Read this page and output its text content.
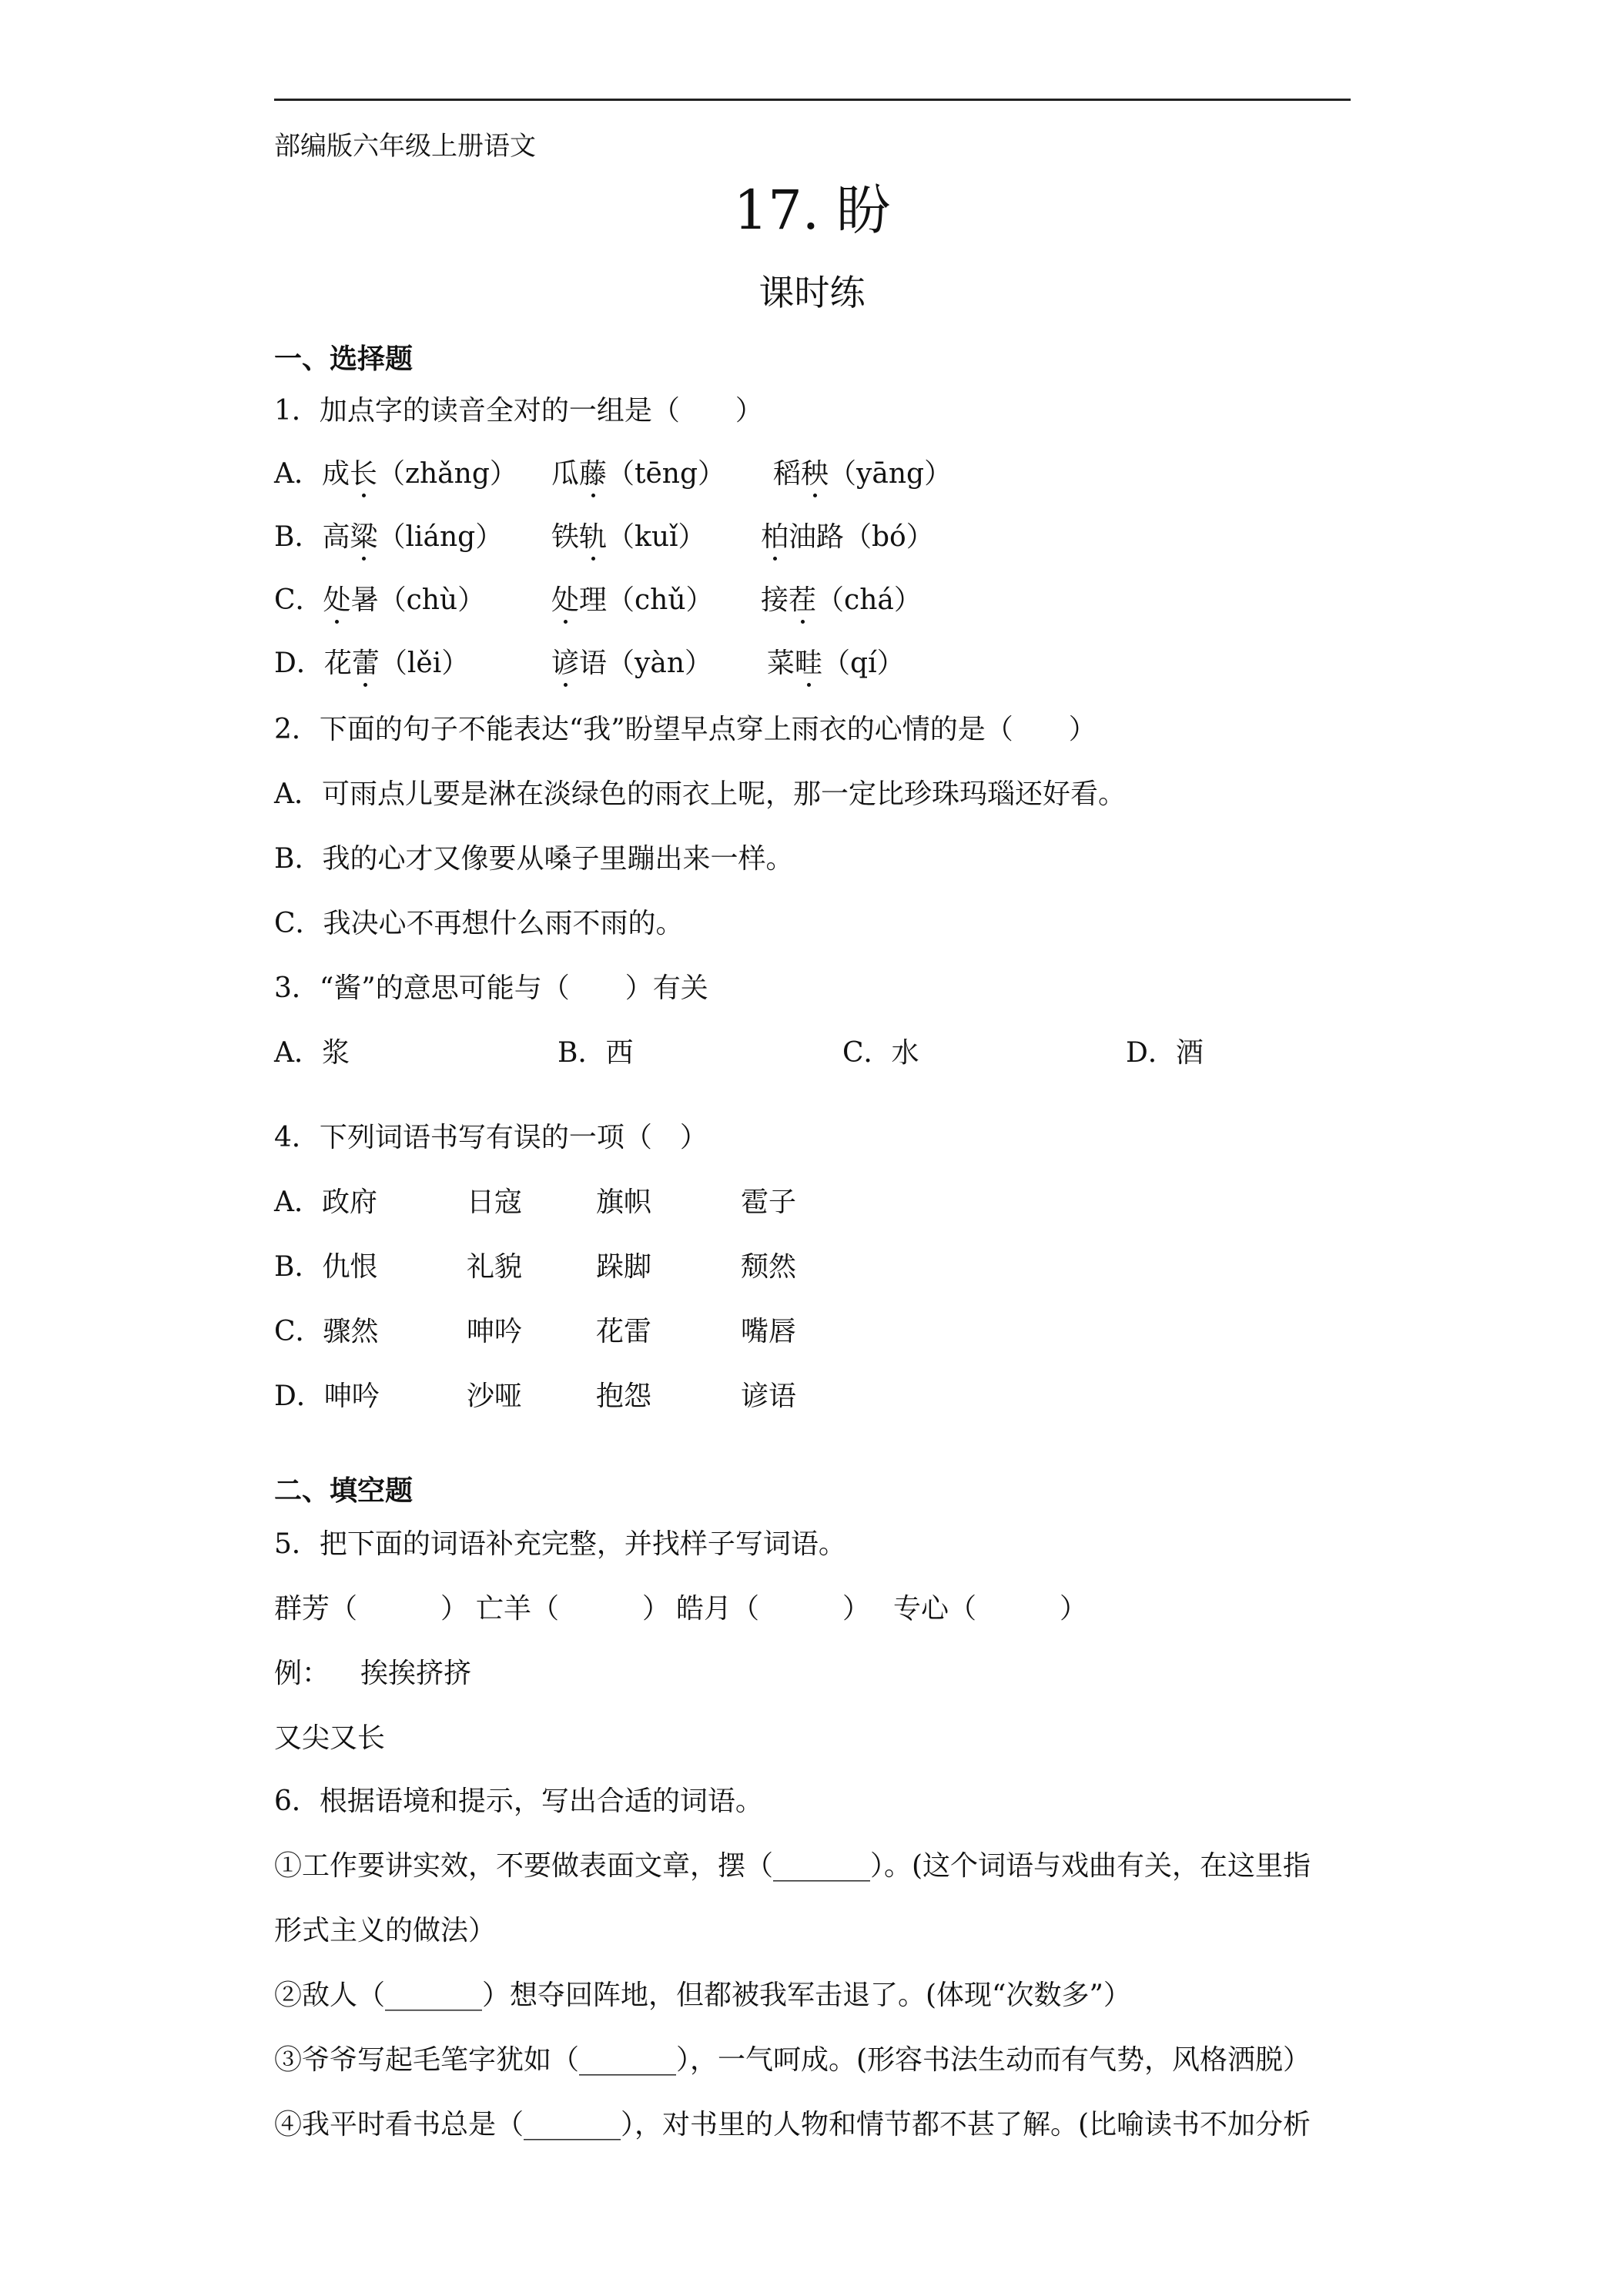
部编版六年级上册语文
17. 盼
课时练
一、选择题
1．加点字的读音全对的一组是（　　）
A．成长（zhǎng） 瓜藤（tēng） 稻秧（yāng）
B．高粱（liáng） 铁轨（kuǐ） 柏油路（bó）
C．处暑（chù） 处理（chǔ） 接茬（chá）
D．花蕾（lěi）	谚语（yàn） 菜畦（qí）
2．下面的句子不能表达“我”盼望早点穿上雨衣的心情的是（　　）
A．可雨点儿要是淋在淡绿色的雨衣上呢，那一定比珍珠玛瑙还好看。
B．我的心才又像要从嗓子里蹦出来一样。
C．我决心不再想什么雨不雨的。
3．“酱”的意思可能与（　　）有关
A．浆	B．西	C．水	D．酒
4．下列词语书写有误的一项（　）
A．政府	日寇	旗帜	雹子
B．仇恨	礼貌	跺脚	颓然
C．骤然	呻吟	花雷	嘴唇
D．呻吟	沙哑	抱怨	谚语
二、填空题
5．把下面的词语补充完整，并找样子写词语。
群芳（　　　） 亡羊（　　　） 皓月（　　　） 专心（　　　）
例： 挨挨挤挤
又尖又长
6．根据语境和提示，写出合适的词语。
①工作要讲实效，不要做表面文章，摆（_______）。(这个词语与戏曲有关，在这里指
形式主义的做法）
②敌人（_______）想夺回阵地，但都被我军击退了。(体现“次数多”）
③爷爷写起毛笔字犹如（_______），一气呵成。(形容书法生动而有气势，风格洒脱）
④我平时看书总是（_______），对书里的人物和情节都不甚了解。(比喻读书不加分析
